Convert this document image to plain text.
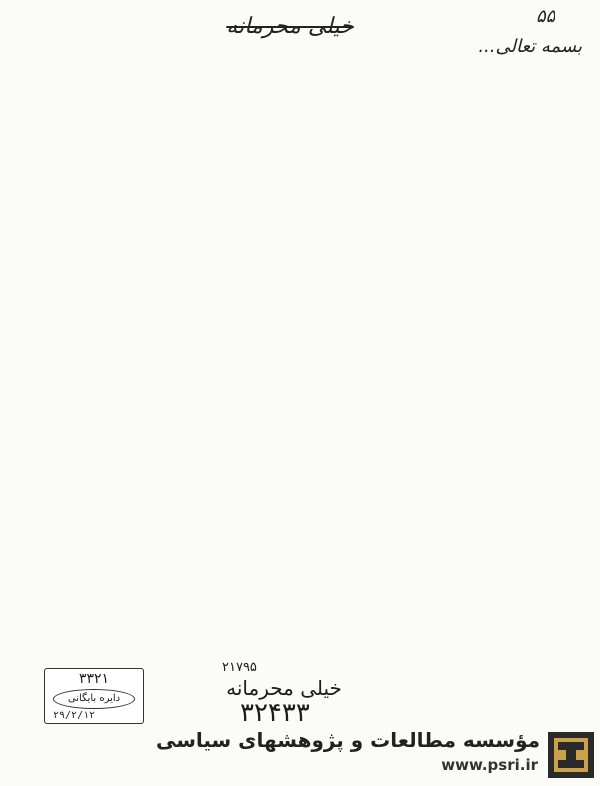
۵۵
خیلی محرمانه
بسمه تعالی...
۳۳۲۱
دایره بایگانی
۲۹/۲/۱۲
۲۱۷۹۵
خیلی محرمانه
۳۲۴۳۳
مؤسسه مطالعات و پژوهشهای سیاسی
www.psri.ir
